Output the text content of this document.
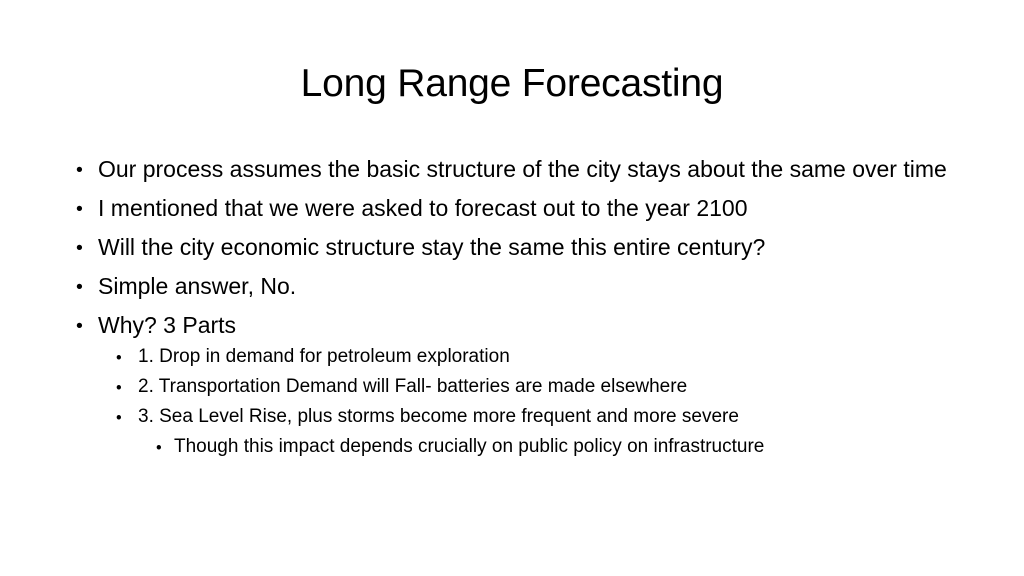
Long Range Forecasting
• Our process assumes the basic structure of the city stays about the same over time
• I mentioned that we were asked to forecast out to the year 2100
• Will the city economic structure stay the same this entire century?
• Simple answer, No.
• Why? 3 Parts
• 1. Drop in demand for petroleum exploration
• 2. Transportation Demand will Fall- batteries are made elsewhere
• 3. Sea Level Rise, plus storms become more frequent and more severe
• Though this impact depends crucially on public policy on infrastructure
